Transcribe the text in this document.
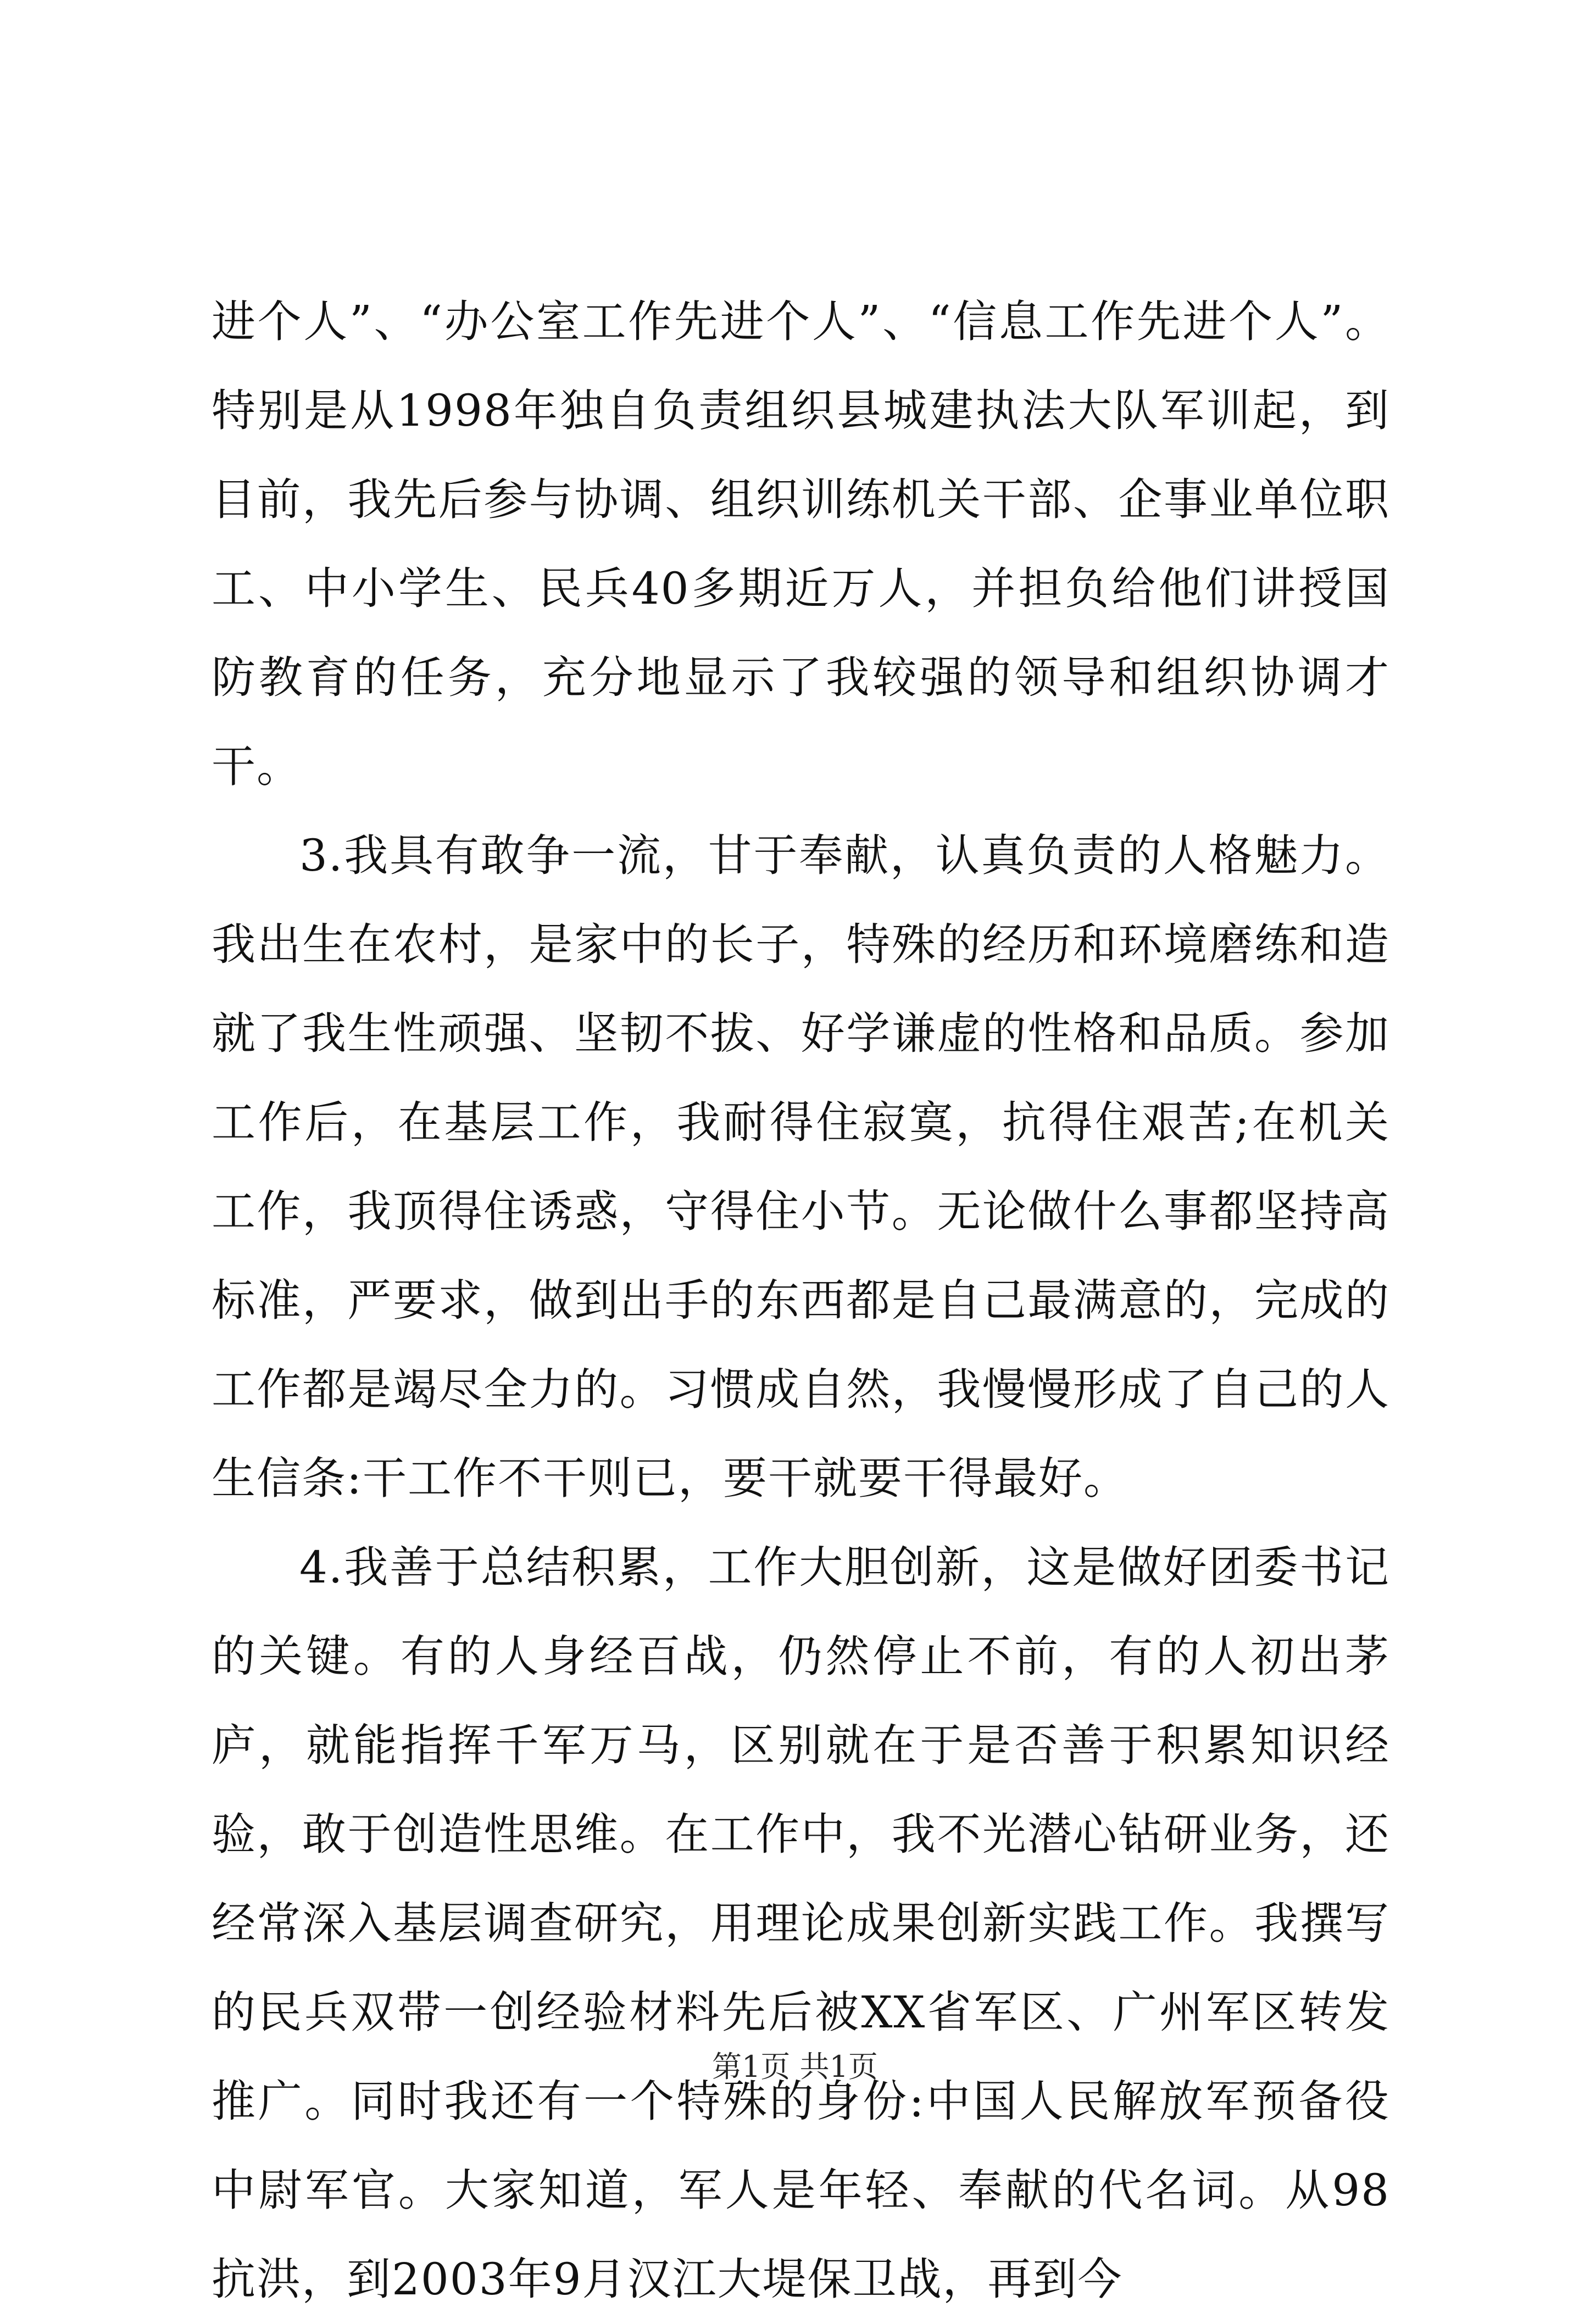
进个人”、“办公室工作先进个人”、“信息工作先进个人”。特别是从1998年独自负责组织县城建执法大队军训起，到目前，我先后参与协调、组织训练机关干部、企事业单位职工、中小学生、民兵40多期近万人，并担负给他们讲授国防教育的任务，充分地显示了我较强的领导和组织协调才干。

3.我具有敢争一流，甘于奉献，认真负责的人格魅力。我出生在农村，是家中的长子，特殊的经历和环境磨练和造就了我生性顽强、坚韧不拔、好学谦虚的性格和品质。参加工作后，在基层工作，我耐得住寂寞，抗得住艰苦;在机关工作，我顶得住诱惑，守得住小节。无论做什么事都坚持高标准，严要求，做到出手的东西都是自己最满意的，完成的工作都是竭尽全力的。习惯成自然，我慢慢形成了自己的人生信条:干工作不干则已，要干就要干得最好。

4.我善于总结积累，工作大胆创新，这是做好团委书记的关键。有的人身经百战，仍然停止不前，有的人初出茅庐，就能指挥千军万马，区别就在于是否善于积累知识经验，敢于创造性思维。在工作中，我不光潜心钻研业务，还经常深入基层调查研究，用理论成果创新实践工作。我撰写的民兵双带一创经验材料先后被XX省军区、广州军区转发推广。同时我还有一个特殊的身份:中国人民解放军预备役中尉军官。大家知道，军人是年轻、奉献的代名词。从98抗洪，到2003年9月汉江大堤保卫战，再到今

第1页 共1页
